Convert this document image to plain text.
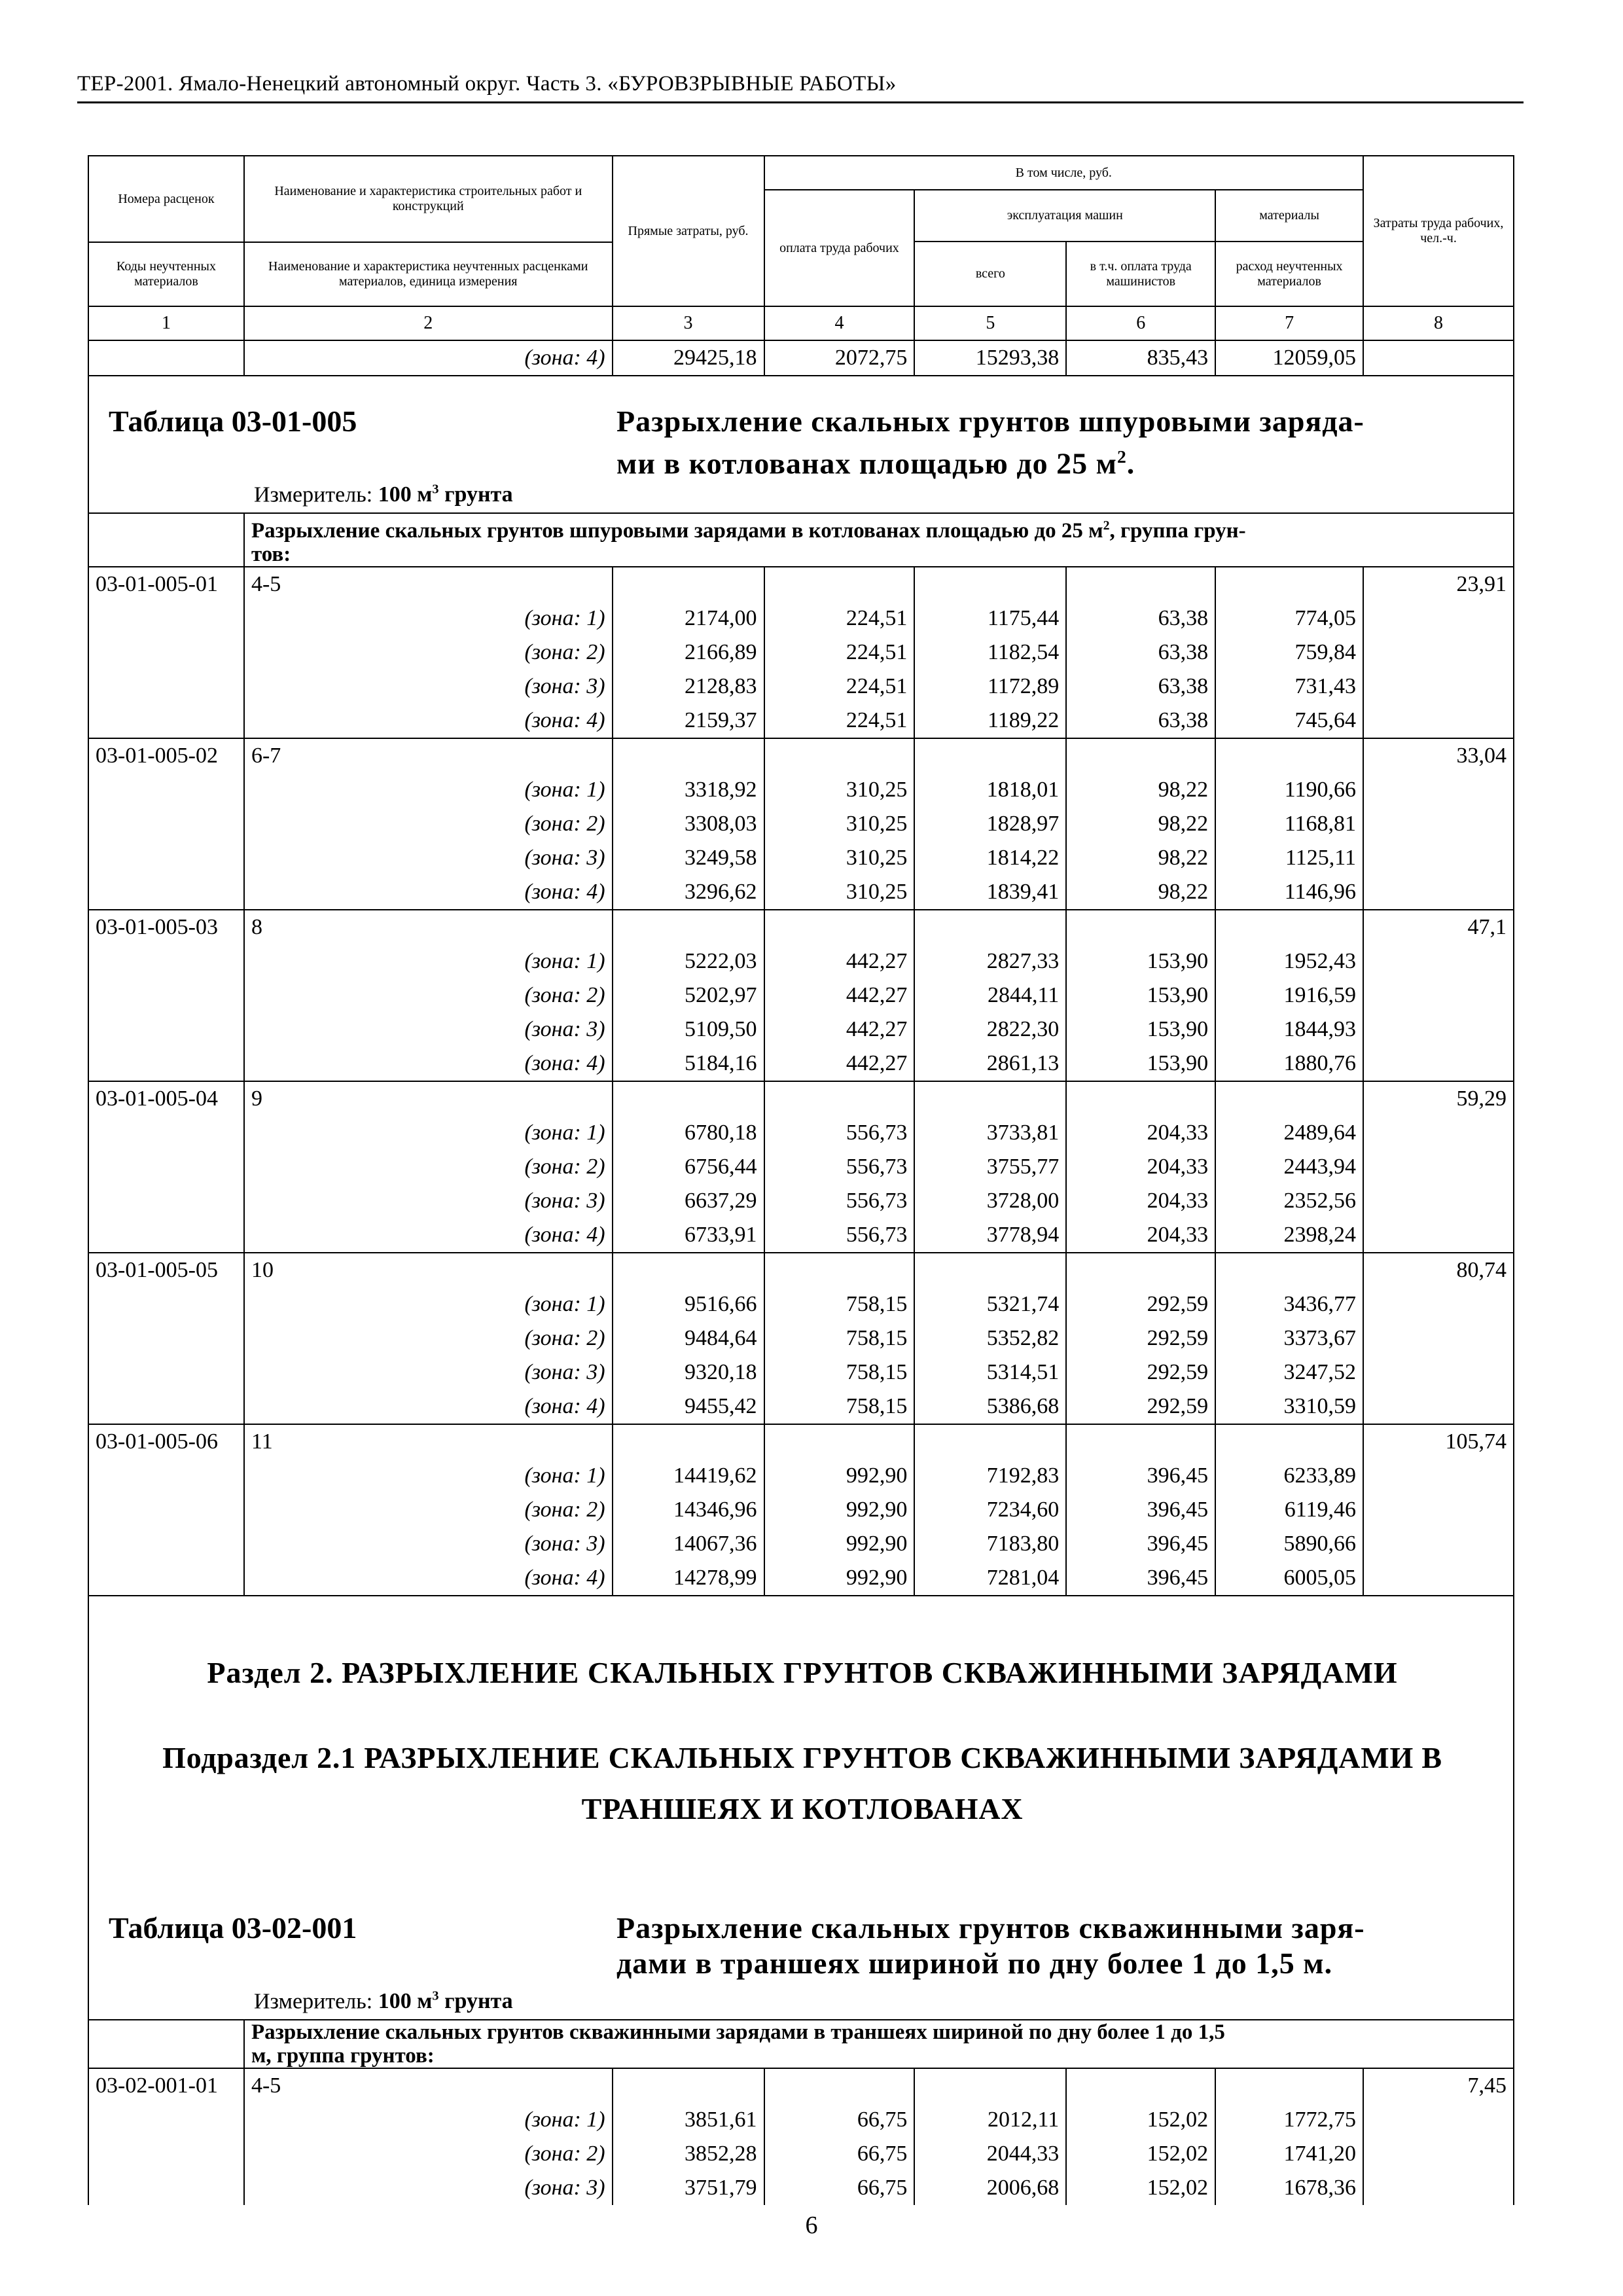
ТЕР-2001. Ямало-Ненецкий автономный округ. Часть 3. «БУРОВЗРЫВНЫЕ РАБОТЫ»
Номера расценок	Наименование и характеристика строительных работ и конструкций	Прямые затраты, руб.	В том числе, руб.				Затраты труда рабочих, чел.-ч.
			оплата труда рабочих	эксплуатация машин		материалы	
				всего	в т.ч. оплата труда машинистов	расход неучтенных материалов	
Коды неучтенных материалов	Наименование и характеристика неучтенных расценками материалов, единица измерения						

1	2	3	4	5	6	7	8
	(зона: 4)	29425,18	2072,75	15293,38	835,43	12059,05	

Таблица 03-01-005 Разрыхление скальных грунтов шпуровыми заряда-
ми в котлованах площадью до 25 $м^2$.
Измеритель: 100 $м^3$ грунта							

	Разрыхление скальных грунтов шпуровыми зарядами в котлованах площадью до 25 $м^2$, группа грун-
тов:						
03-01-005-01	4-5						23,91
	(зона: 1)	2174,00	224,51	1175,44	63,38	774,05	
	(зона: 2)	2166,89	224,51	1182,54	63,38	759,84	
	(зона: 3)	2128,83	224,51	1172,89	63,38	731,43	
	(зона: 4)	2159,37	224,51	1189,22	63,38	745,64	
03-01-005-02	6-7						33,04
	(зона: 1)	3318,92	310,25	1818,01	98,22	1190,66	
	(зона: 2)	3308,03	310,25	1828,97	98,22	1168,81	
	(зона: 3)	3249,58	310,25	1814,22	98,22	1125,11	
	(зона: 4)	3296,62	310,25	1839,41	98,22	1146,96	
03-01-005-03	8						47,1
	(зона: 1)	5222,03	442,27	2827,33	153,90	1952,43	
	(зона: 2)	5202,97	442,27	2844,11	153,90	1916,59	
	(зона: 3)	5109,50	442,27	2822,30	153,90	1844,93	
	(зона: 4)	5184,16	442,27	2861,13	153,90	1880,76	
03-01-005-04	9						59,29
	(зона: 1)	6780,18	556,73	3733,81	204,33	2489,64	
	(зона: 2)	6756,44	556,73	3755,77	204,33	2443,94	
	(зона: 3)	6637,29	556,73	3728,00	204,33	2352,56	
	(зона: 4)	6733,91	556,73	3778,94	204,33	2398,24	
03-01-005-05	10						80,74
	(зона: 1)	9516,66	758,15	5321,74	292,59	3436,77	
	(зона: 2)	9484,64	758,15	5352,82	292,59	3373,67	
	(зона: 3)	9320,18	758,15	5314,51	292,59	3247,52	
	(зона: 4)	9455,42	758,15	5386,68	292,59	3310,59	
03-01-005-06	11						105,74
	(зона: 1)	14419,62	992,90	7192,83	396,45	6233,89	
	(зона: 2)	14346,96	992,90	7234,60	396,45	6119,46	
	(зона: 3)	14067,36	992,90	7183,80	396,45	5890,66	
	(зона: 4)	14278,99	992,90	7281,04	396,45	6005,05	

Раздел 2. РАЗРЫХЛЕНИЕ СКАЛЬНЫХ ГРУНТОВ СКВАЖИННЫМИ ЗАРЯДАМИ
Подраздел 2.1 РАЗРЫХЛЕНИЕ СКАЛЬНЫХ ГРУНТОВ СКВАЖИННЫМИ ЗАРЯДАМИ В
ТРАНШЕЯХ И КОТЛОВАНАХ							

Таблица 03-02-001 Разрыхление скальных грунтов скважинными заря-
дами в траншеях шириной по дну более 1 до 1,5 м.
Измеритель: 100 $м^3$ грунта							

	Разрыхление скальных грунтов скважинными зарядами в траншеях шириной по дну более 1 до 1,5
м, группа грунтов:						
03-02-001-01	4-5						7,45
	(зона: 1)	3851,61	66,75	2012,11	152,02	1772,75	
	(зона: 2)	3852,28	66,75	2044,33	152,02	1741,20	
	(зона: 3)	3751,79	66,75	2006,68	152,02	1678,36	
6
